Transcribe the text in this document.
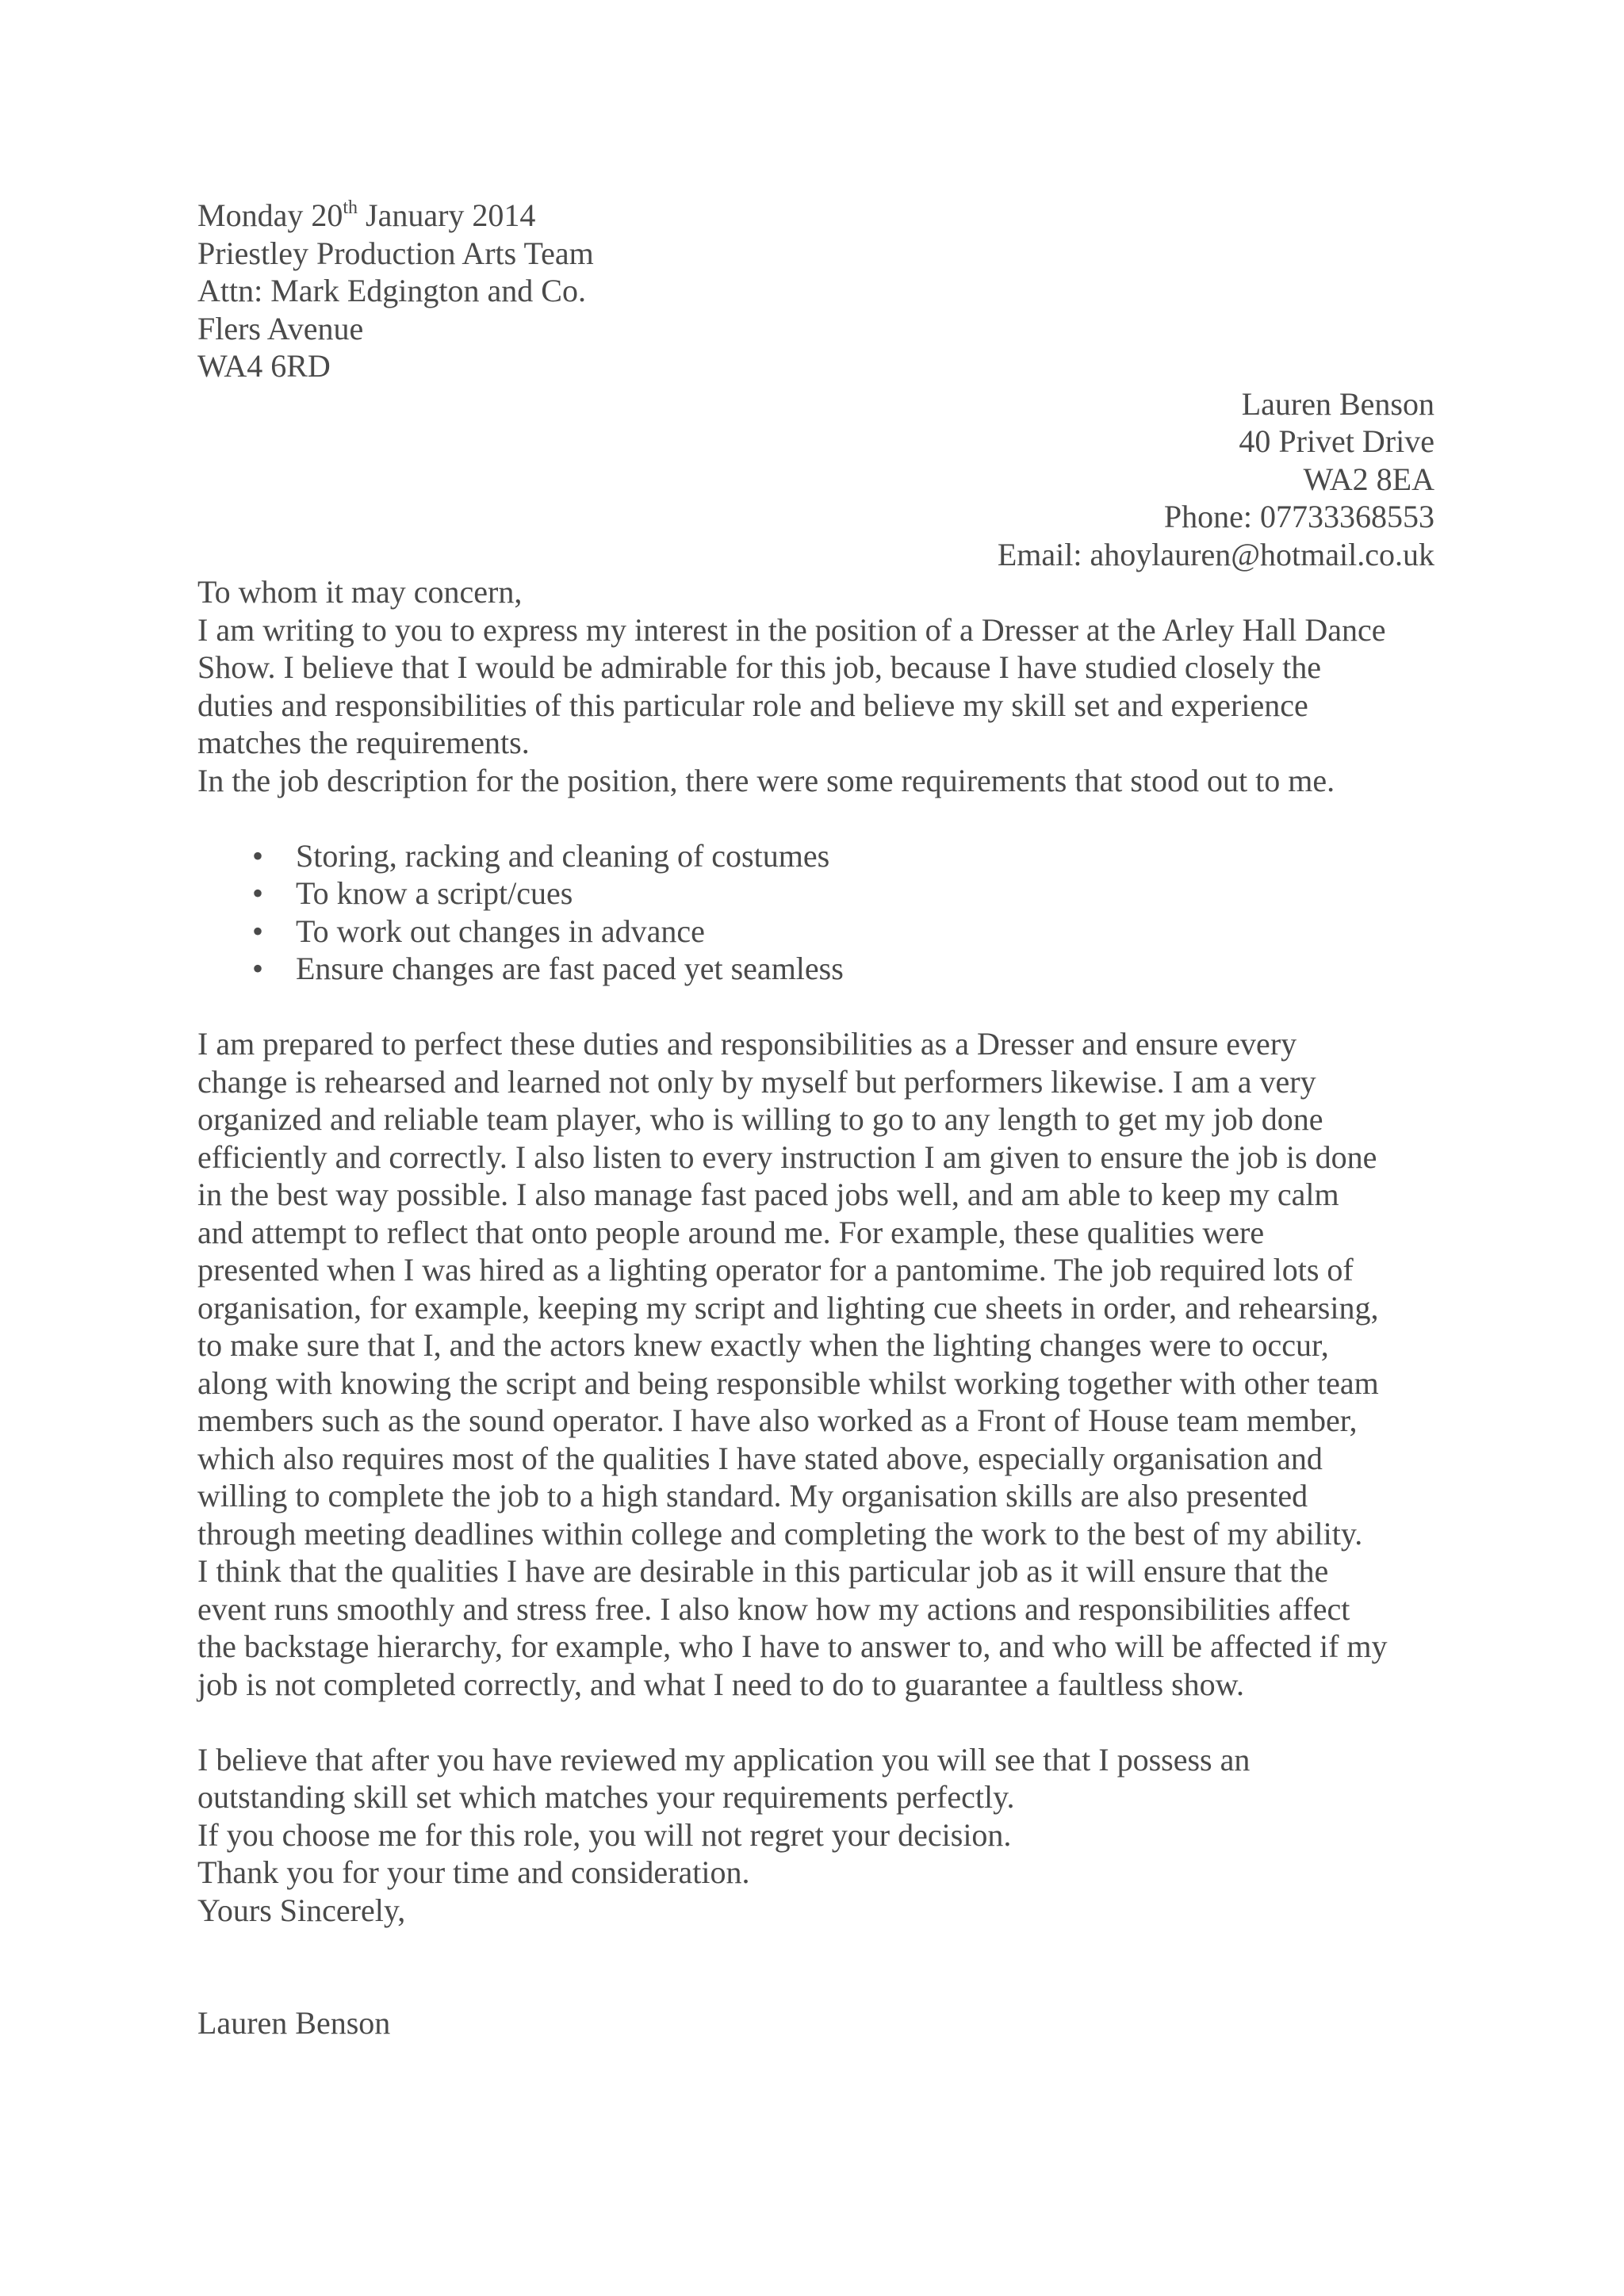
Monday 20th January 2014
Priestley Production Arts Team
Attn: Mark Edgington and Co.
Flers Avenue
WA4 6RD
Lauren Benson
40 Privet Drive
WA2 8EA
Phone: 07733368553
Email: ahoylauren@hotmail.co.uk
To whom it may concern,
I am writing to you to express my interest in the position of a Dresser at the Arley Hall Dance
Show. I believe that I would be admirable for this job, because I have studied closely the
duties and responsibilities of this particular role and believe my skill set and experience
matches the requirements.
In the job description for the position, there were some requirements that stood out to me.
• Storing, racking and cleaning of costumes
• To know a script/cues
• To work out changes in advance
• Ensure changes are fast paced yet seamless
I am prepared to perfect these duties and responsibilities as a Dresser and ensure every
change is rehearsed and learned not only by myself but performers likewise. I am a very
organized and reliable team player, who is willing to go to any length to get my job done
efficiently and correctly. I also listen to every instruction I am given to ensure the job is done
in the best way possible. I also manage fast paced jobs well, and am able to keep my calm
and attempt to reflect that onto people around me. For example, these qualities were
presented when I was hired as a lighting operator for a pantomime. The job required lots of
organisation, for example, keeping my script and lighting cue sheets in order, and rehearsing,
to make sure that I, and the actors knew exactly when the lighting changes were to occur,
along with knowing the script and being responsible whilst working together with other team
members such as the sound operator. I have also worked as a Front of House team member,
which also requires most of the qualities I have stated above, especially organisation and
willing to complete the job to a high standard. My organisation skills are also presented
through meeting deadlines within college and completing the work to the best of my ability.
I think that the qualities I have are desirable in this particular job as it will ensure that the
event runs smoothly and stress free. I also know how my actions and responsibilities affect
the backstage hierarchy, for example, who I have to answer to, and who will be affected if my
job is not completed correctly, and what I need to do to guarantee a faultless show.
I believe that after you have reviewed my application you will see that I possess an
outstanding skill set which matches your requirements perfectly.
If you choose me for this role, you will not regret your decision.
Thank you for your time and consideration.
Yours Sincerely,
Lauren Benson
